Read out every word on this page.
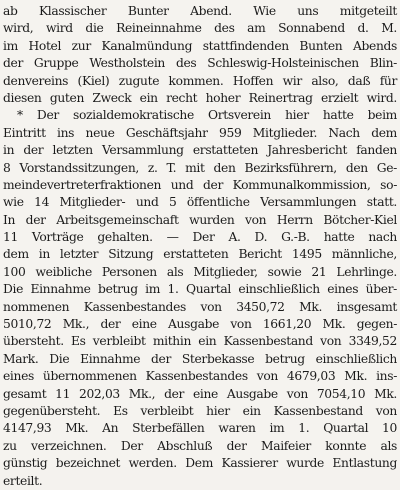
ab Klassischer Bunter Abend. Wie uns mitgeteilt
wird, wird die Reineinnahme des am Sonnabend d. M.
im Hotel zur Kanalmündung stattfindenden Bunten Abends
der Gruppe Westholstein des Schleswig-Holsteinischen Blin-
denvereins (Kiel) zugute kommen. Hoffen wir also, daß für
diesen guten Zweck ein recht hoher Reinertrag erzielt wird.
* Der sozialdemokratische Ortsverein hier hatte beim
Eintritt ins neue Geschäftsjahr 959 Mitglieder. Nach dem
in der letzten Versammlung erstatteten Jahresbericht fanden
8 Vorstandssitzungen, z. T. mit den Bezirksführern, den Ge-
meindevertreterfraktionen und der Kommunalkommission, so-
wie 14 Mitglieder- und 5 öffentliche Versammlungen statt.
In der Arbeitsgemeinschaft wurden von Herrn Bötcher-Kiel
11 Vorträge gehalten. — Der A. D. G.-B. hatte nach
dem in letzter Sitzung erstatteten Bericht 1495 männliche,
100 weibliche Personen als Mitglieder, sowie 21 Lehrlinge.
Die Einnahme betrug im 1. Quartal einschließlich eines über-
nommenen Kassenbestandes von 3450,72 Mk. insgesamt
5010,72 Mk., der eine Ausgabe von 1661,20 Mk. gegen-
übersteht. Es verbleibt mithin ein Kassenbestand von 3349,52
Mark. Die Einnahme der Sterbekasse betrug einschließlich
eines übernommenen Kassenbestandes von 4679,03 Mk. ins-
gesamt 11 202,03 Mk., der eine Ausgabe von 7054,10 Mk.
gegenübersteht. Es verbleibt hier ein Kassenbestand von
4147,93 Mk. An Sterbefällen waren im 1. Quartal 10
zu verzeichnen. Der Abschluß der Maifeier konnte als
günstig bezeichnet werden. Dem Kassierer wurde Entlastung
erteilt.
